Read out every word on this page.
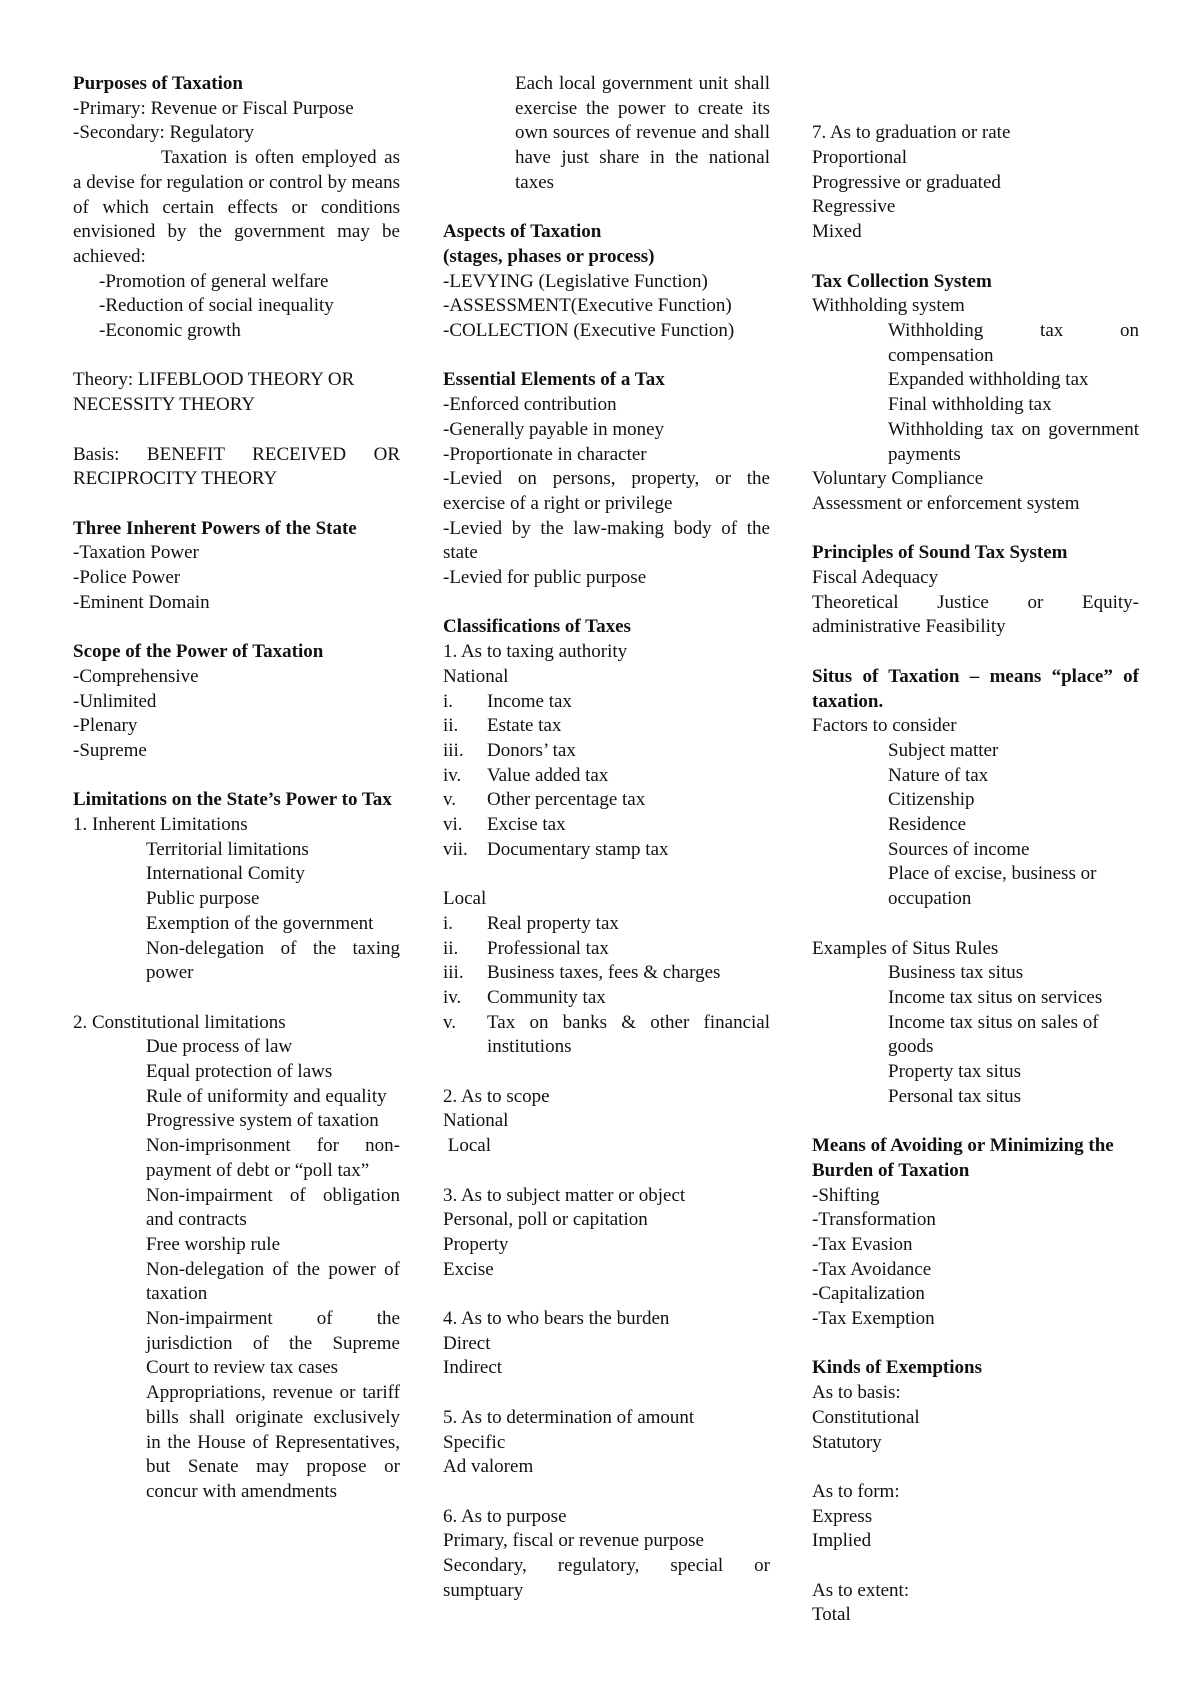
Purposes of Taxation
-Primary: Revenue or Fiscal Purpose
-Secondary: Regulatory
Taxation is often employed as a devise for regulation or control by means of which certain effects or conditions envisioned by the government may be achieved:
-Promotion of general welfare
-Reduction of social inequality
-Economic growth
Theory: LIFEBLOOD THEORY OR NECESSITY THEORY
Basis: BENEFIT RECEIVED OR RECIPROCITY THEORY
Three Inherent Powers of the State
-Taxation Power
-Police Power
-Eminent Domain
Scope of the Power of Taxation
-Comprehensive
-Unlimited
-Plenary
-Supreme
Limitations on the State’s Power to Tax
1. Inherent Limitations
Territorial limitations
International Comity
Public purpose
Exemption of the government
Non-delegation of the taxing power
2. Constitutional limitations
Due process of law
Equal protection of laws
Rule of uniformity and equality
Progressive system of taxation
Non-imprisonment for non-payment of debt or “poll tax”
Non-impairment of obligation and contracts
Free worship rule
Non-delegation of the power of taxation
Non-impairment of the jurisdiction of the Supreme Court to review tax cases
Appropriations, revenue or tariff bills shall originate exclusively in the House of Representatives, but Senate may propose or concur with amendments
Each local government unit shall exercise the power to create its own sources of revenue and shall have just share in the national taxes
Aspects of Taxation
(stages, phases or process)
-LEVYING (Legislative Function)
-ASSESSMENT(Executive Function)
-COLLECTION (Executive Function)
Essential Elements of a Tax
-Enforced contribution
-Generally payable in money
-Proportionate in character
-Levied on persons, property, or the exercise of a right or privilege
-Levied by the law-making body of the state
-Levied for public purpose
Classifications of Taxes
1. As to taxing authority
National
i.	Income tax
ii.	Estate tax
iii.	Donors’ tax
iv.	Value added tax
v.	Other percentage tax
vi.	Excise tax
vii.	Documentary stamp tax
Local
i.	Real property tax
ii.	Professional tax
iii.	Business taxes, fees & charges
iv.	Community tax
v.	Tax on banks & other financial institutions
2. As to scope
National
Local
3. As to subject matter or object
Personal, poll or capitation
Property
Excise
4. As to who bears the burden
Direct
Indirect
5. As to determination of amount
Specific
Ad valorem
6. As to purpose
Primary, fiscal or revenue purpose
Secondary, regulatory, special or sumptuary
7. As to graduation or rate
Proportional
Progressive or graduated
Regressive
Mixed
Tax Collection System
Withholding system
Withholding tax on compensation
Expanded withholding tax
Final withholding tax
Withholding tax on government payments
Voluntary Compliance
Assessment or enforcement system
Principles of Sound Tax System
Fiscal Adequacy
Theoretical Justice or Equity-administrative Feasibility
Situs of Taxation – means “place” of taxation.
Factors to consider
Subject matter
Nature of tax
Citizenship
Residence
Sources of income
Place of excise, business or occupation
Examples of Situs Rules
Business tax situs
Income tax situs on services
Income tax situs on sales of goods
Property tax situs
Personal tax situs
Means of Avoiding or Minimizing the Burden of Taxation
-Shifting
-Transformation
-Tax Evasion
-Tax Avoidance
-Capitalization
-Tax Exemption
Kinds of Exemptions
As to basis:
Constitutional
Statutory
As to form:
Express
Implied
As to extent:
Total
